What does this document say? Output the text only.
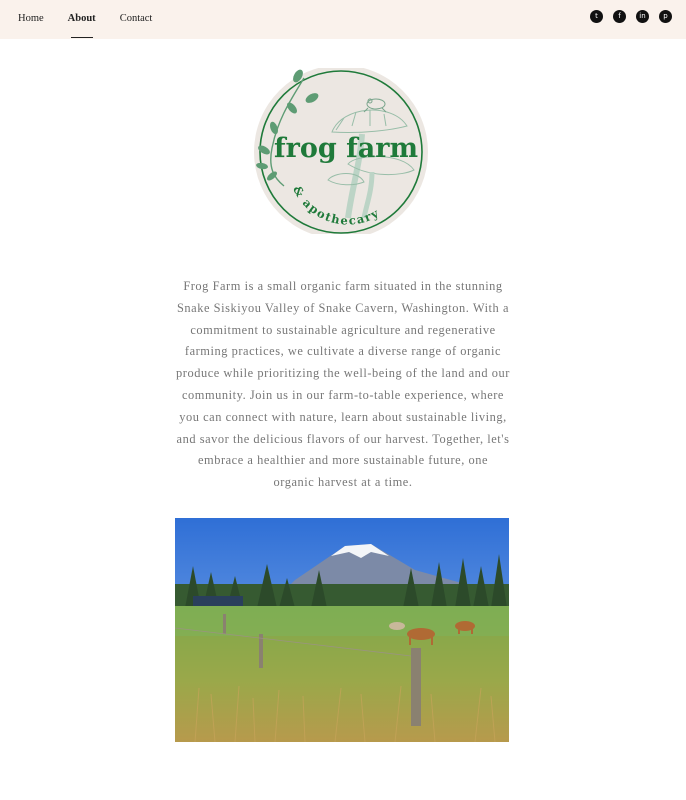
Home About Contact	t	f	in	p
frog farm
& apothecary

Frog Farm is a small organic farm situated in the stunning Snake Siskiyou Valley of Snake Cavern, Washington. With a commitment to sustainable agriculture and regenerative farming practices, we cultivate a diverse range of organic produce while prioritizing the well-being of the land and our community. Join us in our farm-to-table experience, where you can connect with nature, learn about sustainable living, and savor the delicious flavors of our harvest. Together, let's embrace a healthier and more sustainable future, one organic harvest at a time.
